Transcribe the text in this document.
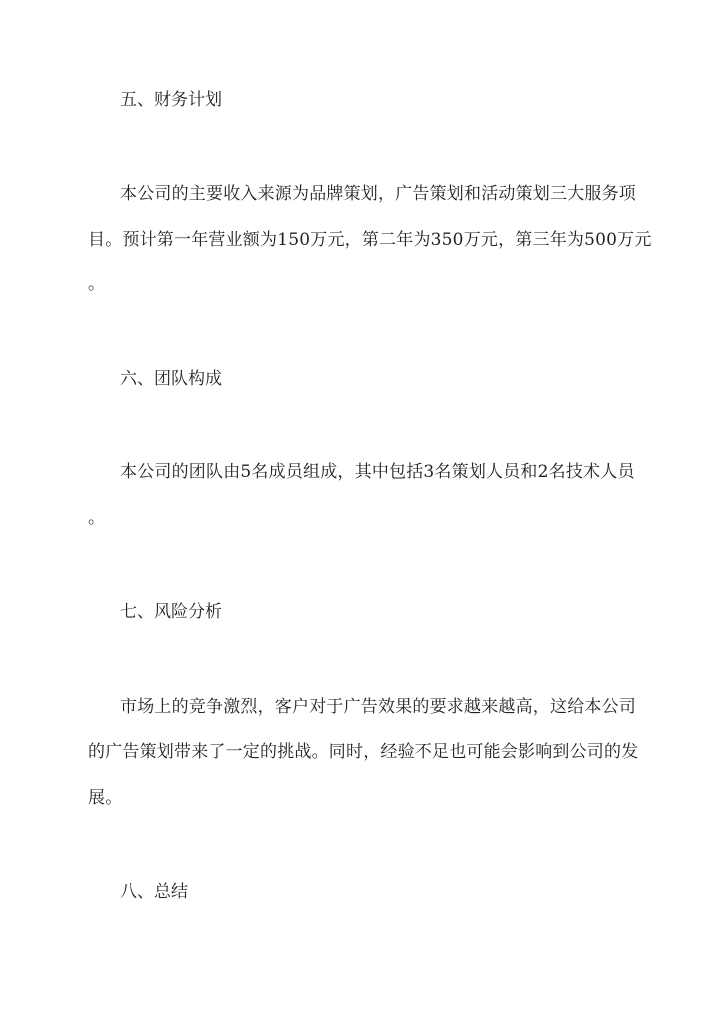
五、财务计划
本公司的主要收入来源为品牌策划，广告策划和活动策划三大服务项
目。预计第一年营业额为150万元，第二年为350万元，第三年为500万元
。
六、团队构成
本公司的团队由5名成员组成，其中包括3名策划人员和2名技术人员
。
七、风险分析
市场上的竞争激烈，客户对于广告效果的要求越来越高，这给本公司
的广告策划带来了一定的挑战。同时，经验不足也可能会影响到公司的发
展。
八、总结
